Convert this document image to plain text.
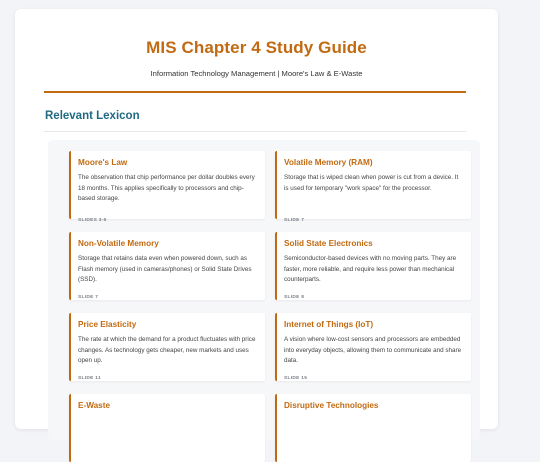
MIS Chapter 4 Study Guide
Information Technology Management | Moore's Law & E-Waste
Relevant Lexicon
Moore's Law

The observation that chip performance per dollar doubles every 18 months. This applies specifically to processors and chip-based storage.

SLIDES 3-5
Volatile Memory (RAM)

Storage that is wiped clean when power is cut from a device. It is used for temporary "work space" for the processor.

SLIDE 7
Non-Volatile Memory

Storage that retains data even when powered down, such as Flash memory (used in cameras/phones) or Solid State Drives (SSD).

SLIDE 7
Solid State Electronics

Semiconductor-based devices with no moving parts. They are faster, more reliable, and require less power than mechanical counterparts.

SLIDE 8
Price Elasticity

The rate at which the demand for a product fluctuates with price changes. As technology gets cheaper, new markets and uses open up.

SLIDE 11
Internet of Things (IoT)

A vision where low-cost sensors and processors are embedded into everyday objects, allowing them to communicate and share data.

SLIDE 15
E-Waste	Disruptive Technologies
